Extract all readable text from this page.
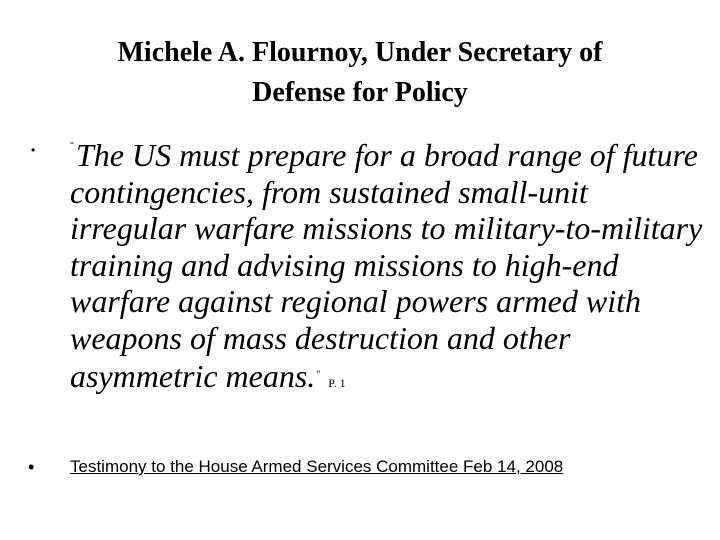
Michele A. Flournoy, Under Secretary of
Defense for Policy
•	“The US must prepare for a broad range of future contingencies, from sustained small-unit irregular warfare missions to military-to-military training and advising missions to high-end warfare against regional powers armed with weapons of mass destruction and other asymmetric means.”P. 1
• Testimony to the House Armed Services Committee Feb 14, 2008
